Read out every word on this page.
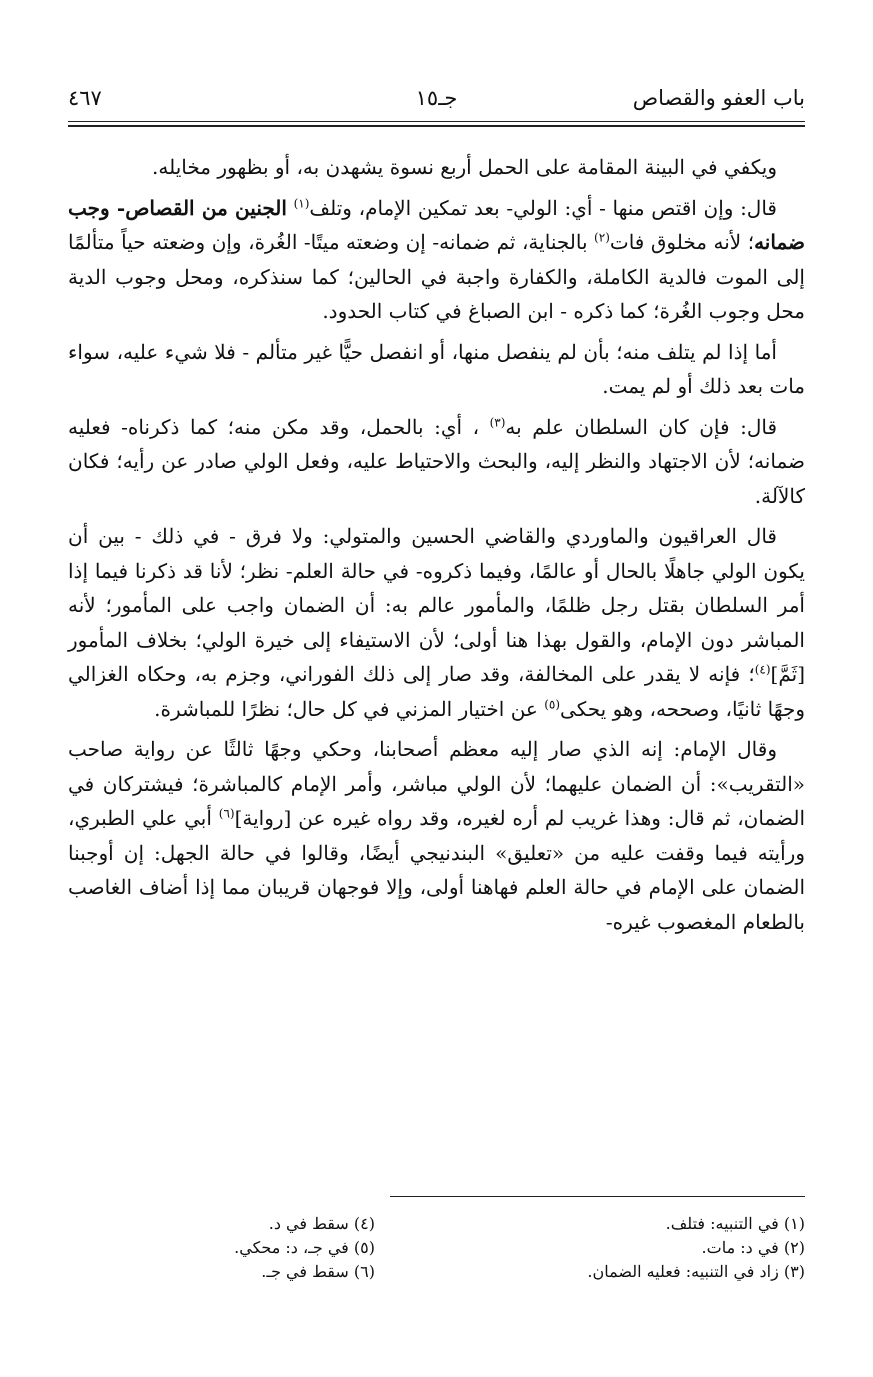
باب العفو والقصاص
جـ١٥
٤٦٧

ويكفي في البينة المقامة على الحمل أربع نسوة يشهدن به، أو بظهور مخايله.

قال: وإن اقتص منها - أي: الولي- بعد تمكين الإمام، وتلف$^{(١)}$ الجنين من القصاص- وجب ضمانه؛ لأنه مخلوق فات$^{(٢)}$ بالجناية، ثم ضمانه- إن وضعته ميتًا- الغُرة، وإن وضعته حياً متألمًا إلى الموت فالدية الكاملة، والكفارة واجبة في الحالين؛ كما سنذكره، ومحل وجوب الدية محل وجوب الغُرة؛ كما ذكره - ابن الصباغ في كتاب الحدود.

أما إذا لم يتلف منه؛ بأن لم ينفصل منها، أو انفصل حيًّا غير متألم - فلا شيء عليه، سواء مات بعد ذلك أو لم يمت.

قال: فإن كان السلطان علم به$^{(٣)}$ ، أي: بالحمل، وقد مكن منه؛ كما ذكرناه- فعليه ضمانه؛ لأن الاجتهاد والنظر إليه، والبحث والاحتياط عليه، وفعل الولي صادر عن رأيه؛ فكان كالآلة.

قال العراقيون والماوردي والقاضي الحسين والمتولي: ولا فرق - في ذلك - بين أن يكون الولي جاهلًا بالحال أو عالمًا، وفيما ذكروه- في حالة العلم- نظر؛ لأنا قد ذكرنا فيما إذا أمر السلطان بقتل رجل ظلمًا، والمأمور عالم به: أن الضمان واجب على المأمور؛ لأنه المباشر دون الإمام، والقول بهذا هنا أولى؛ لأن الاستيفاء إلى خيرة الولي؛ بخلاف المأمور [ثَمَّ]$^{(٤)}$؛ فإنه لا يقدر على المخالفة، وقد صار إلى ذلك الفوراني، وجزم به، وحكاه الغزالي وجهًا ثانيًا، وصححه، وهو يحكى$^{(٥)}$ عن اختيار المزني في كل حال؛ نظرًا للمباشرة.

وقال الإمام: إنه الذي صار إليه معظم أصحابنا، وحكي وجهًا ثالثًا عن رواية صاحب «التقريب»: أن الضمان عليهما؛ لأن الولي مباشر، وأمر الإمام كالمباشرة؛ فيشتركان في الضمان، ثم قال: وهذا غريب لم أره لغيره، وقد رواه غيره عن [رواية]$^{(٦)}$ أبي علي الطبري، ورأيته فيما وقفت عليه من «تعليق» البندنيجي أيضًا، وقالوا في حالة الجهل: إن أوجبنا الضمان على الإمام في حالة العلم فهاهنا أولى، وإلا فوجهان قريبان مما إذا أضاف الغاصب بالطعام المغصوب غيره-

(١) في التنبيه: فتلف.
(٢) في د: مات.
(٣) زاد في التنبيه: فعليه الضمان.
(٤) سقط في د.
(٥) في جـ، د: محكي.
(٦) سقط في جـ.
